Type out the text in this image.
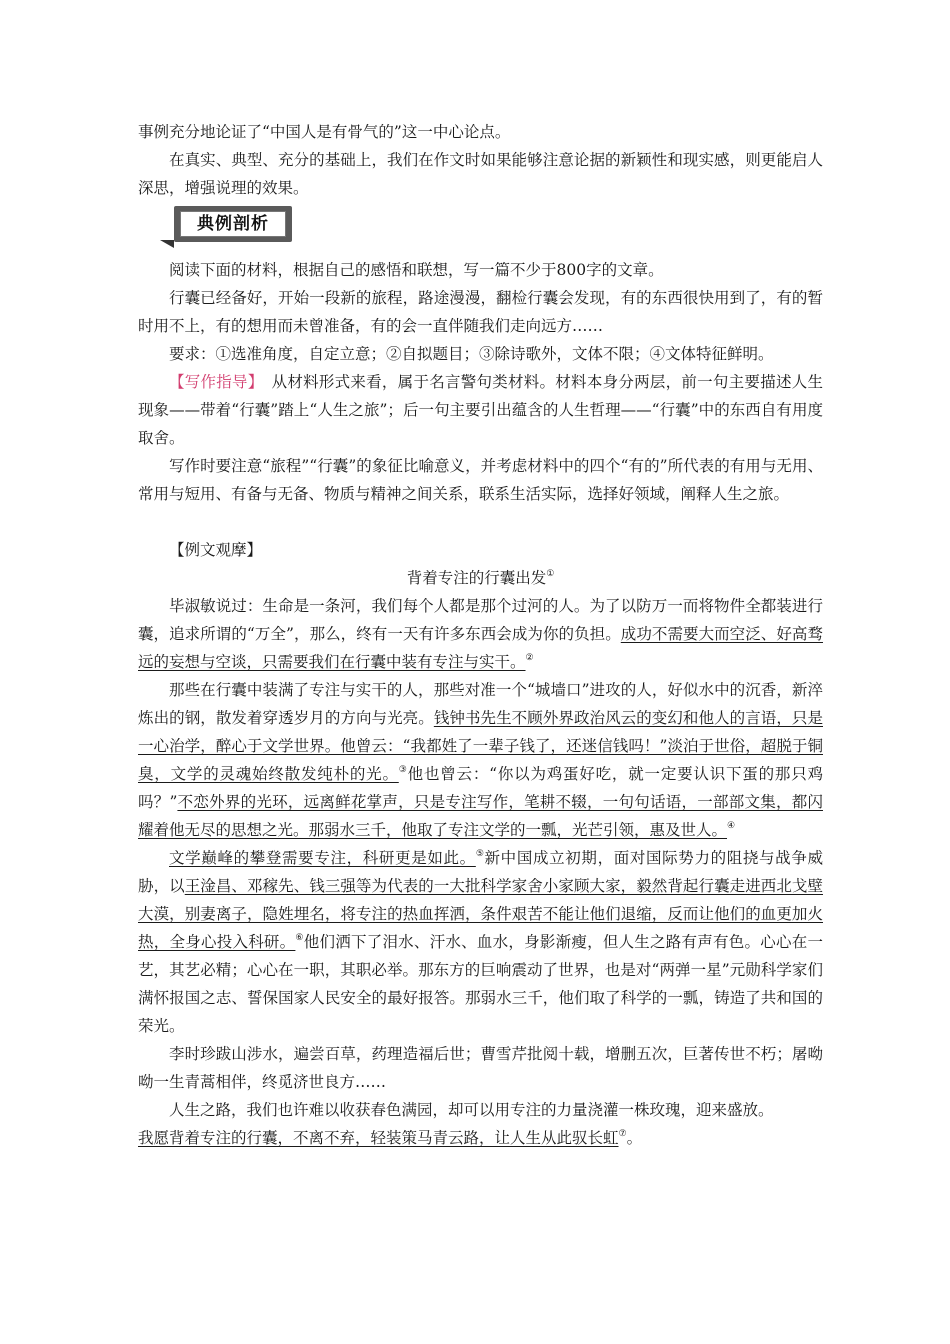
事例充分地论证了“中国人是有骨气的”这一中心论点。

在真实、典型、充分的基础上，我们在作文时如果能够注意论据的新颖性和现实感，则更能启人深思，增强说理的效果。

典例剖析

阅读下面的材料，根据自己的感悟和联想，写一篇不少于800字的文章。

行囊已经备好，开始一段新的旅程，路途漫漫，翻检行囊会发现，有的东西很快用到了，有的暂时用不上，有的想用而未曾准备，有的会一直伴随我们走向远方……

要求：①选准角度，自定立意；②自拟题目；③除诗歌外，文体不限；④文体特征鲜明。

【写作指导】　从材料形式来看，属于名言警句类材料。材料本身分两层，前一句主要描述人生现象——带着“行囊”踏上“人生之旅”；后一句主要引出蕴含的人生哲理——“行囊”中的东西自有用度取舍。

写作时要注意“旅程”“行囊”的象征比喻意义，并考虑材料中的四个“有的”所代表的有用与无用、常用与短用、有备与无备、物质与精神之间关系，联系生活实际，选择好领域，阐释人生之旅。

【例文观摩】

背着专注的行囊出发①

毕淑敏说过：生命是一条河，我们每个人都是那个过河的人。为了以防万一而将物件全都装进行囊，追求所谓的“万全”，那么，终有一天有许多东西会成为你的负担。成功不需要大而空泛、好高骛远的妄想与空谈，只需要我们在行囊中装有专注与实干。②

那些在行囊中装满了专注与实干的人，那些对准一个“城墙口”进攻的人，好似水中的沉香，新淬炼出的钢，散发着穿透岁月的方向与光亮。钱钟书先生不顾外界政治风云的变幻和他人的言语，只是一心治学，醉心于文学世界。他曾云：“我都姓了一辈子钱了，还迷信钱吗！”淡泊于世俗，超脱于铜臭，文学的灵魂始终散发纯朴的光。③他也曾云：“你以为鸡蛋好吃，就一定要认识下蛋的那只鸡吗？”不恋外界的光环，远离鲜花掌声，只是专注写作，笔耕不辍，一句句话语，一部部文集，都闪耀着他无尽的思想之光。那弱水三千，他取了专注文学的一瓢，光芒引领，惠及世人。④

文学巅峰的攀登需要专注，科研更是如此。⑤新中国成立初期，面对国际势力的阻挠与战争威胁，以王淦昌、邓稼先、钱三强等为代表的一大批科学家舍小家顾大家，毅然背起行囊走进西北戈壁大漠，别妻离子，隐姓埋名，将专注的热血挥洒，条件艰苦不能让他们退缩，反而让他们的血更加火热，全身心投入科研。⑥他们洒下了泪水、汗水、血水，身影渐瘦，但人生之路有声有色。心心在一艺，其艺必精；心心在一职，其职必举。那东方的巨响震动了世界，也是对“两弹一星”元勋科学家们满怀报国之志、誓保国家人民安全的最好报答。那弱水三千，他们取了科学的一瓢，铸造了共和国的荣光。

李时珍跋山涉水，遍尝百草，药理造福后世；曹雪芹批阅十载，增删五次，巨著传世不朽；屠呦呦一生青蒿相伴，终觅济世良方……

人生之路，我们也许难以收获春色满园，却可以用专注的力量浇灌一株玫瑰，迎来盛放。

我愿背着专注的行囊，不离不弃，轻装策马青云路，让人生从此驭长虹⑦。
